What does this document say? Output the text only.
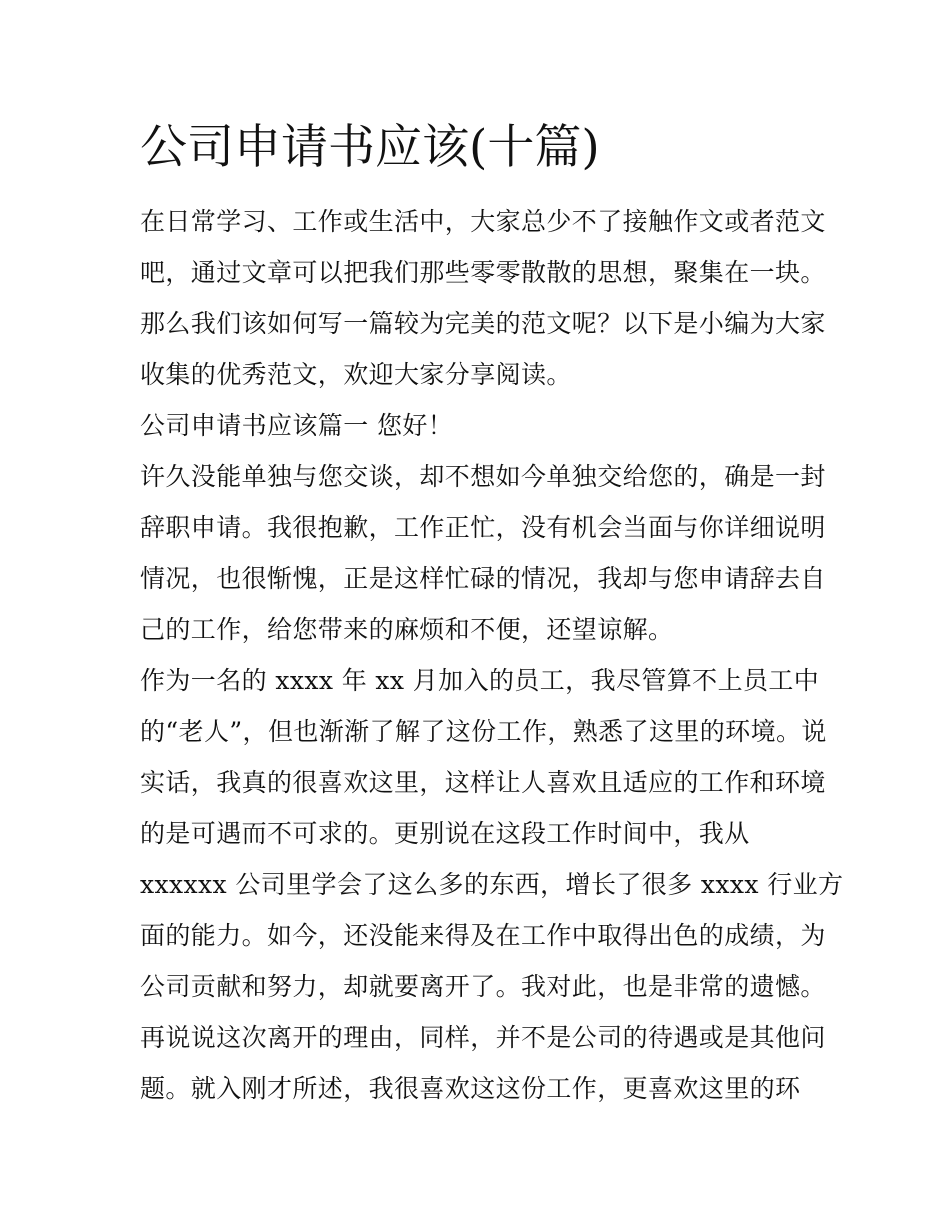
公司申请书应该(十篇)
在日常学习、工作或生活中，大家总少不了接触作文或者范文
吧，通过文章可以把我们那些零零散散的思想，聚集在一块。
那么我们该如何写一篇较为完美的范文呢？以下是小编为大家
收集的优秀范文，欢迎大家分享阅读。
公司申请书应该篇一 您好！
许久没能单独与您交谈，却不想如今单独交给您的，确是一封
辞职申请。我很抱歉，工作正忙，没有机会当面与你详细说明
情况，也很惭愧，正是这样忙碌的情况，我却与您申请辞去自
己的工作，给您带来的麻烦和不便，还望谅解。
作为一名的 xxxx 年 xx 月加入的员工，我尽管算不上员工中
的“老人”，但也渐渐了解了这份工作，熟悉了这里的环境。说
实话，我真的很喜欢这里，这样让人喜欢且适应的工作和环境
的是可遇而不可求的。更别说在这段工作时间中，我从
xxxxxx 公司里学会了这么多的东西，增长了很多 xxxx 行业方
面的能力。如今，还没能来得及在工作中取得出色的成绩，为
公司贡献和努力，却就要离开了。我对此，也是非常的遗憾。
再说说这次离开的理由，同样，并不是公司的待遇或是其他问
题。就入刚才所述，我很喜欢这这份工作，更喜欢这里的环
